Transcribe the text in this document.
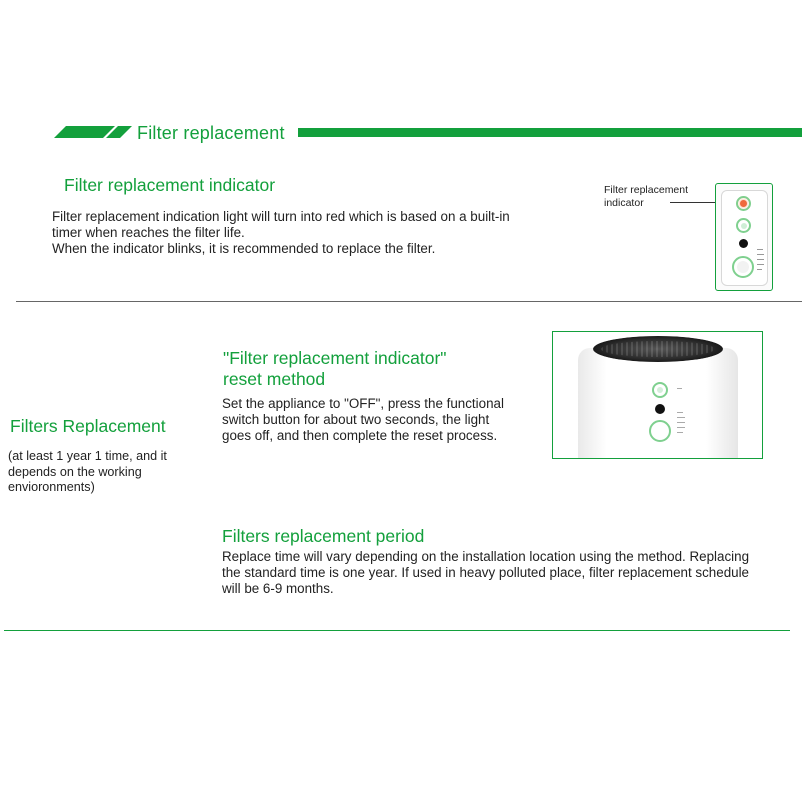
Filter replacement
Filter replacement indicator
Filter replacement indication light will turn into red which is based on a built-in
timer when reaches the filter life.
When the indicator blinks, it is recommended to replace the filter.
Filter replacement
indicator
Filters Replacement
(at least 1 year 1 time, and it
depends on the working
envioronments)
"Filter replacement indicator"
reset method
Set the appliance to "OFF", press the functional
switch button for about two seconds, the light
goes off, and then complete the reset process.
Filters replacement period
Replace time will vary depending on the installation location using the method. Replacing
the standard time is one year. If used in heavy polluted place, filter replacement schedule
will be 6-9 months.
